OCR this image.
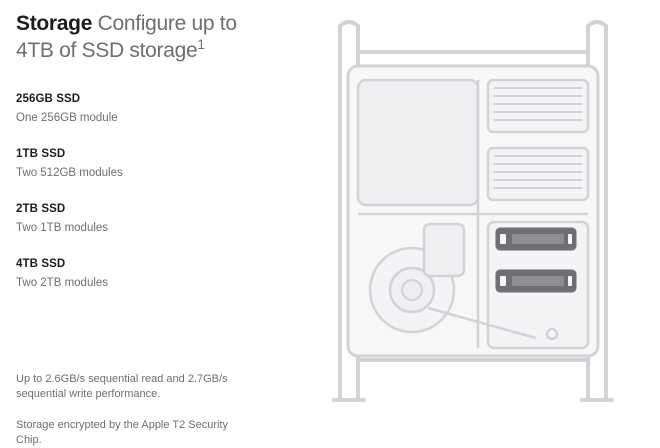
Storage Configure up to 4TB of SSD storage$^1$
256GB SSD
One 256GB module
1TB SSD
Two 512GB modules
2TB SSD
Two 1TB modules
4TB SSD
Two 2TB modules
Up to 2.6GB/s sequential read and 2.7GB/s sequential write performance.
Storage encrypted by the Apple T2 Security Chip.
